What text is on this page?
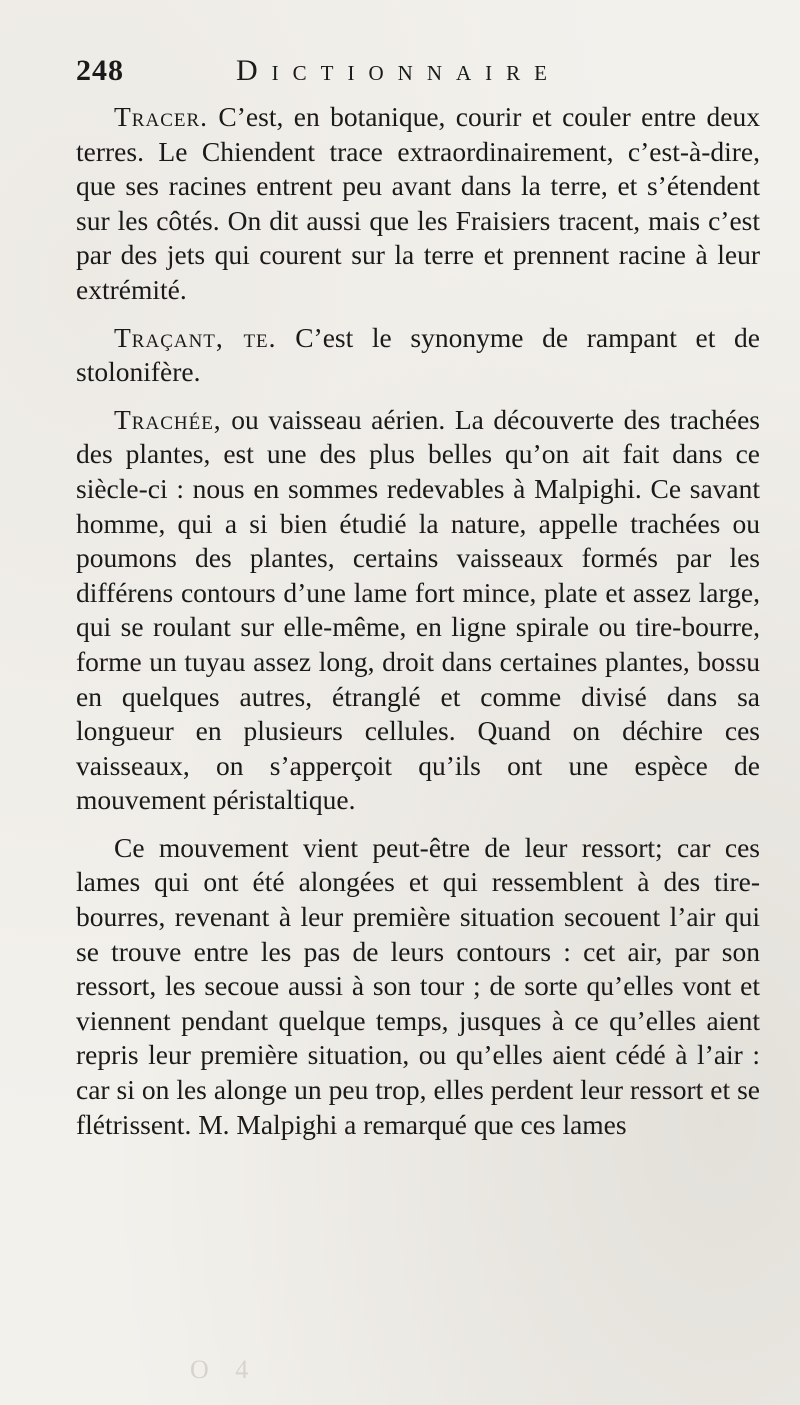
248	Dictionnaire

Tracer. C’est, en botanique, courir et couler entre deux terres. Le Chiendent trace extraordinairement, c’est-à-dire, que ses racines entrent peu avant dans la terre, et s’étendent sur les côtés. On dit aussi que les Fraisiers tracent, mais c’est par des jets qui courent sur la terre et prennent racine à leur extrémité.

Traçant, te. C’est le synonyme de rampant et de stolonifère.

Trachée, ou vaisseau aérien. La découverte des trachées des plantes, est une des plus belles qu’on ait fait dans ce siècle-ci : nous en sommes redevables à Malpighi. Ce savant homme, qui a si bien étudié la nature, appelle trachées ou poumons des plantes, certains vaisseaux formés par les différens contours d’une lame fort mince, plate et assez large, qui se roulant sur elle-même, en ligne spirale ou tire-bourre, forme un tuyau assez long, droit dans certaines plantes, bossu en quelques autres, étranglé et comme divisé dans sa longueur en plusieurs cellules. Quand on déchire ces vaisseaux, on s’apperçoit qu’ils ont une espèce de mouvement péristaltique.

Ce mouvement vient peut-être de leur ressort; car ces lames qui ont été alongées et qui ressemblent à des tire-bourres, revenant à leur première situation secouent l’air qui se trouve entre les pas de leurs contours : cet air, par son ressort, les secoue aussi à son tour ; de sorte qu’elles vont et viennent pendant quelque temps, jusques à ce qu’elles aient repris leur première situation, ou qu’elles aient cédé à l’air : car si on les alonge un peu trop, elles perdent leur ressort et se flétrissent. M. Malpighi a remarqué que ces lames

O 4
